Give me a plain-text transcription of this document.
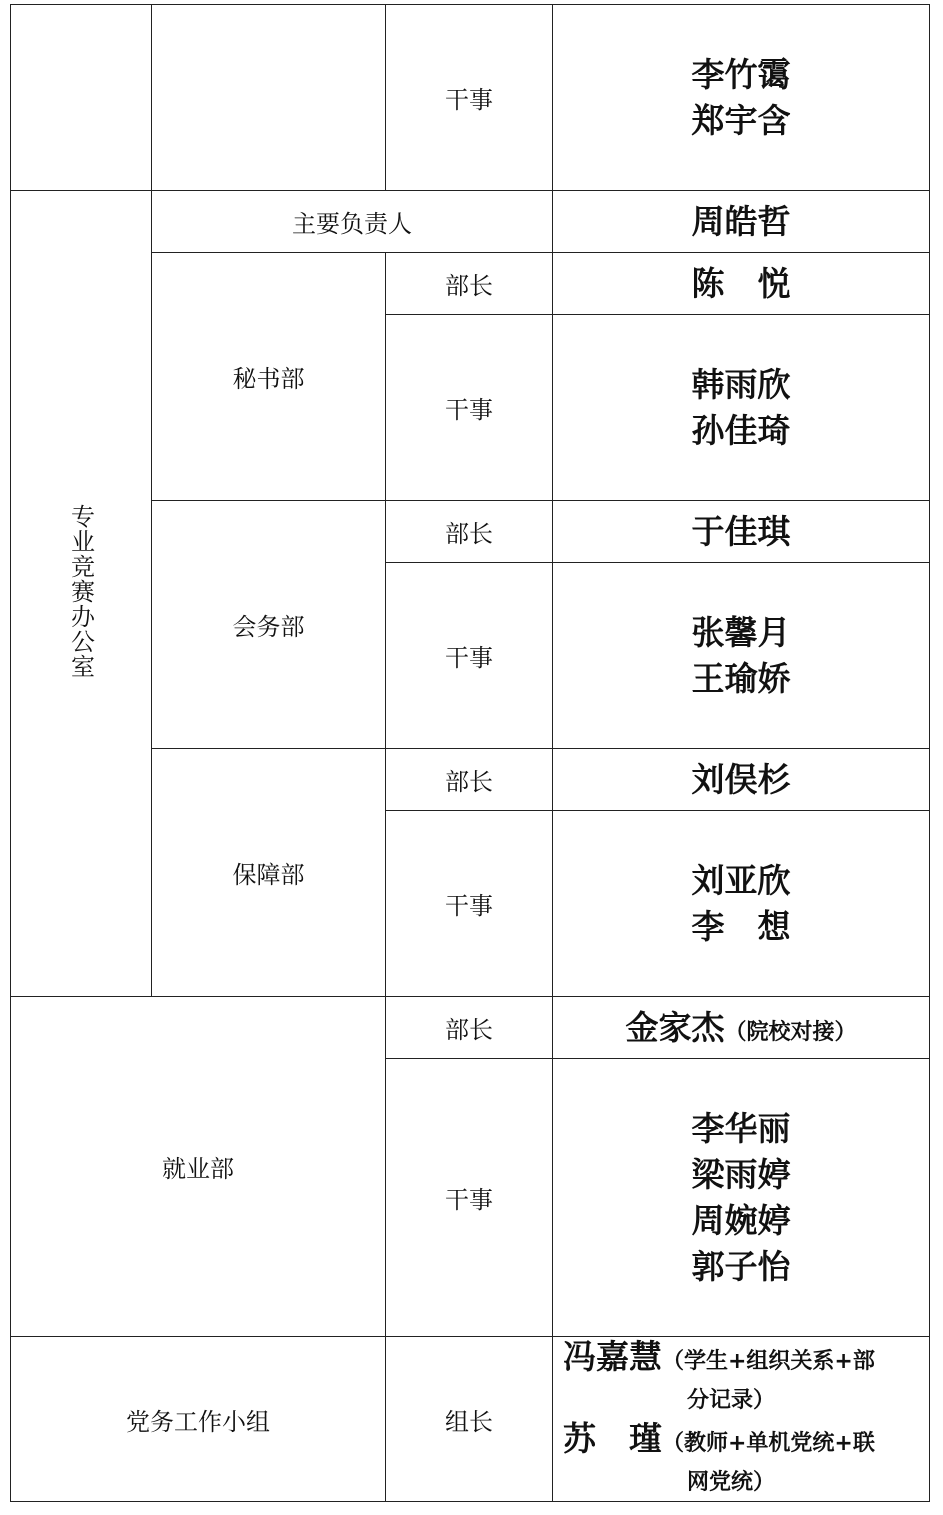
		干事	李竹霭
郑宇含

专业竞赛办公室	主要负责人		周皓哲
	秘书部	部长	陈　悦
		干事	韩雨欣
孙佳琦

	会务部	部长	于佳琪
		干事	张馨月
王瑜娇

	保障部	部长	刘俣杉
		干事	刘亚欣
李　想

就业部		部长	金家杰（院校对接）
		干事	李华丽
梁雨婷
周婉婷
郭子怡

党务工作小组		组长	冯嘉慧（学生+组织关系+部
分记录）
苏　瑾（教师+单机党统+联
网党统）
